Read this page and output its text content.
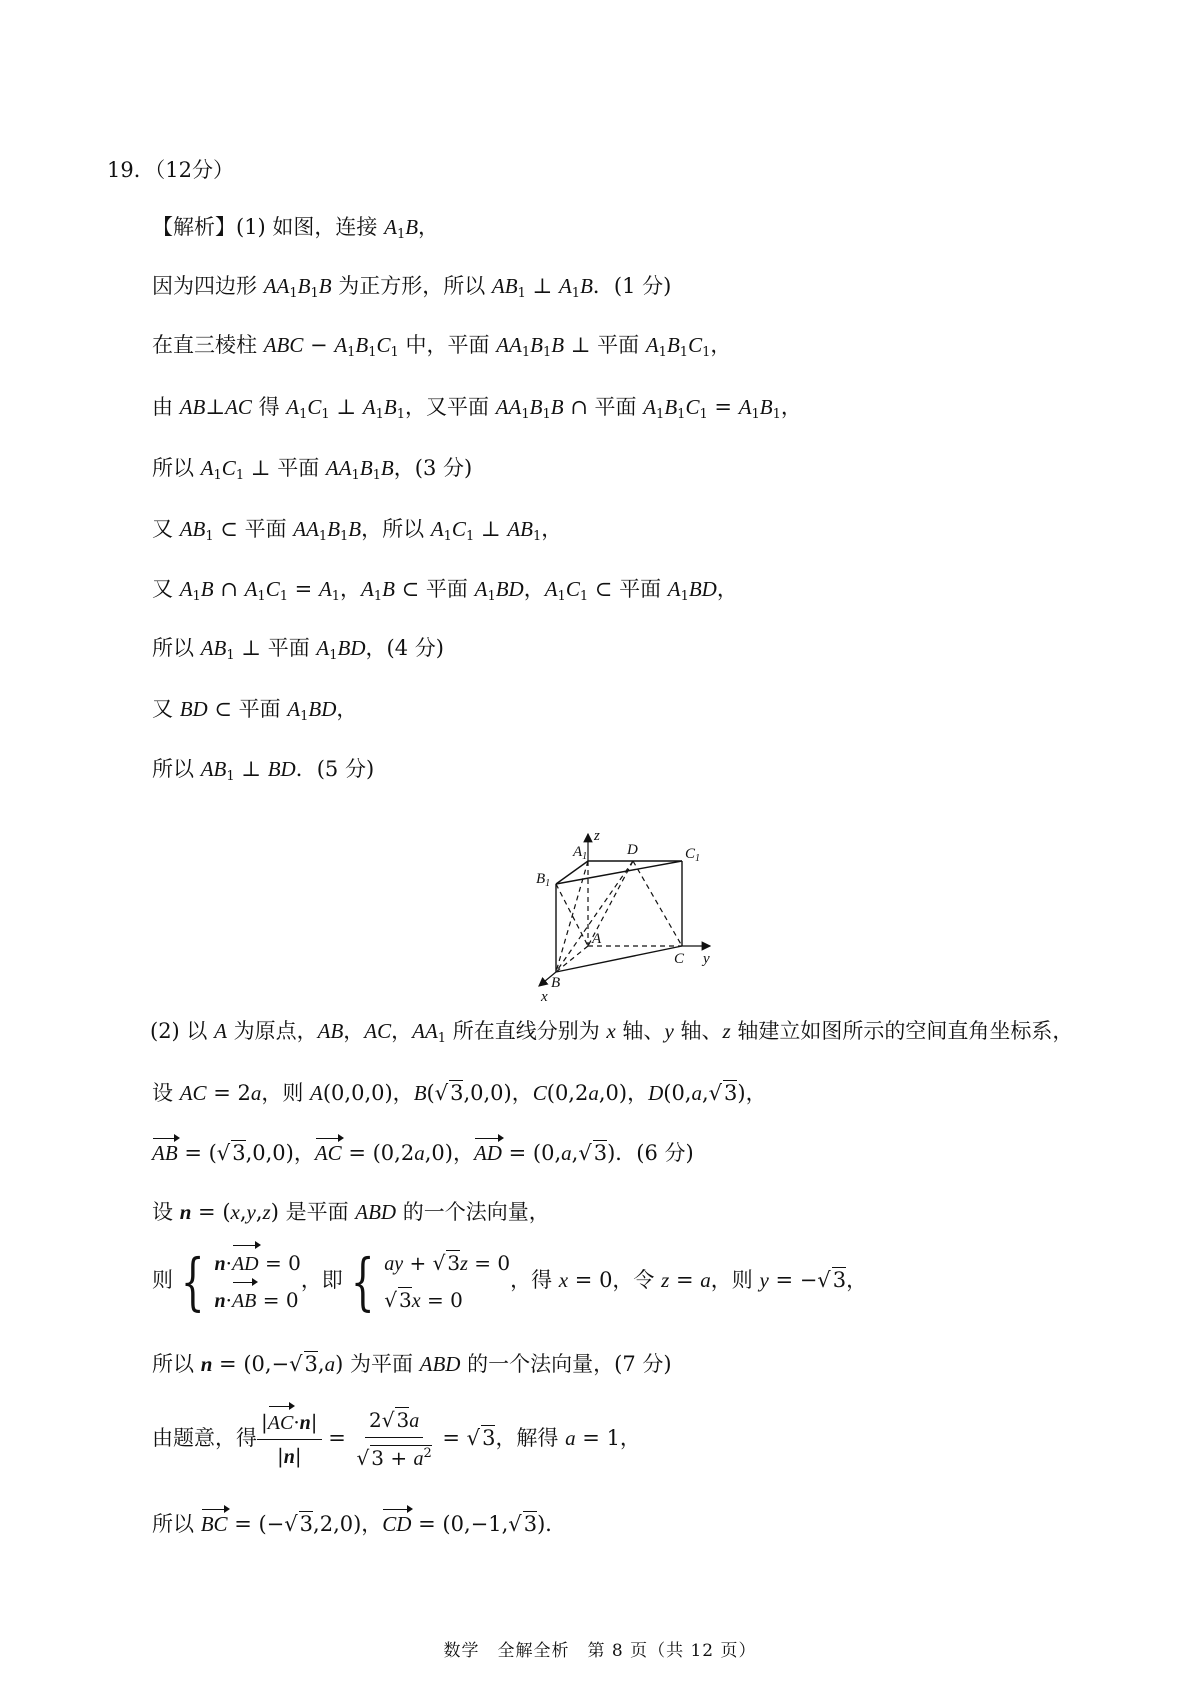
19．（12分）
【解析】(1) 如图，连接 $A_1B$，
因为四边形 $AA_1B_1B$ 为正方形，所以 $AB_1$ ⊥ $A_1B$．(1 分)
在直三棱柱 ABC − $A_1B_1C_1$ 中，平面 $AA_1B_1B$ ⊥ 平面 $A_1B_1C_1$，
由 AB⊥AC 得 $A_1C_1$ ⊥ $A_1B_1$，又平面 $AA_1B_1B$ ∩ 平面 $A_1B_1C_1 = A_1B_1$，
所以 $A_1C_1$ ⊥ 平面 $AA_1B_1B$，(3 分)
又 $AB_1$ ⊂ 平面 $AA_1B_1B$，所以 $A_1C_1$ ⊥ $AB_1$，
又 $A_1B$ ∩ $A_1C_1 = A_1$，$A_1B$ ⊂ 平面 $A_1BD$，$A_1C_1$ ⊂ 平面 $A_1BD$，
所以 $AB_1$ ⊥ 平面 $A_1BD$，(4 分)
又 BD ⊂ 平面 $A_1BD$，
所以 $AB_1$ ⊥ BD．(5 分)
z
y
x
$A_1$
$B_1$
$C_1$
D
A
B
C
(2) 以 A 为原点，AB，AC，$AA_1$ 所在直线分别为 x 轴、y 轴、z 轴建立如图所示的空间直角坐标系，
设 AC = 2a，则 A(0,0,0)，B(√3,0,0)，C(0,2a,0)，D(0,a,√3)，
AB = (√3,0,0)，AC = (0,2a,0)，AD = (0,a,√3)．(6 分)
设 n = (x,y,z) 是平面 ABD 的一个法向量，
则 { n·AD = 0
n·AB = 0
，即 { ay + √ 3z = 0
√ 3x = 0
，得 x = 0，令 z = a，则 y = −√3，
所以 n = (0,−√3,a) 为平面 ABD 的一个法向量，(7 分)
由题意，得 $\frac{|AC\cdot n|}{|n|} = \frac{2√ 3a}{√ 3 + a^2} = √3$，解得 a = 1，
所以 BC = (−√3,2,0)，CD = (0,−1,√3)．
数学　全解全析　第 8 页（共 12 页）
